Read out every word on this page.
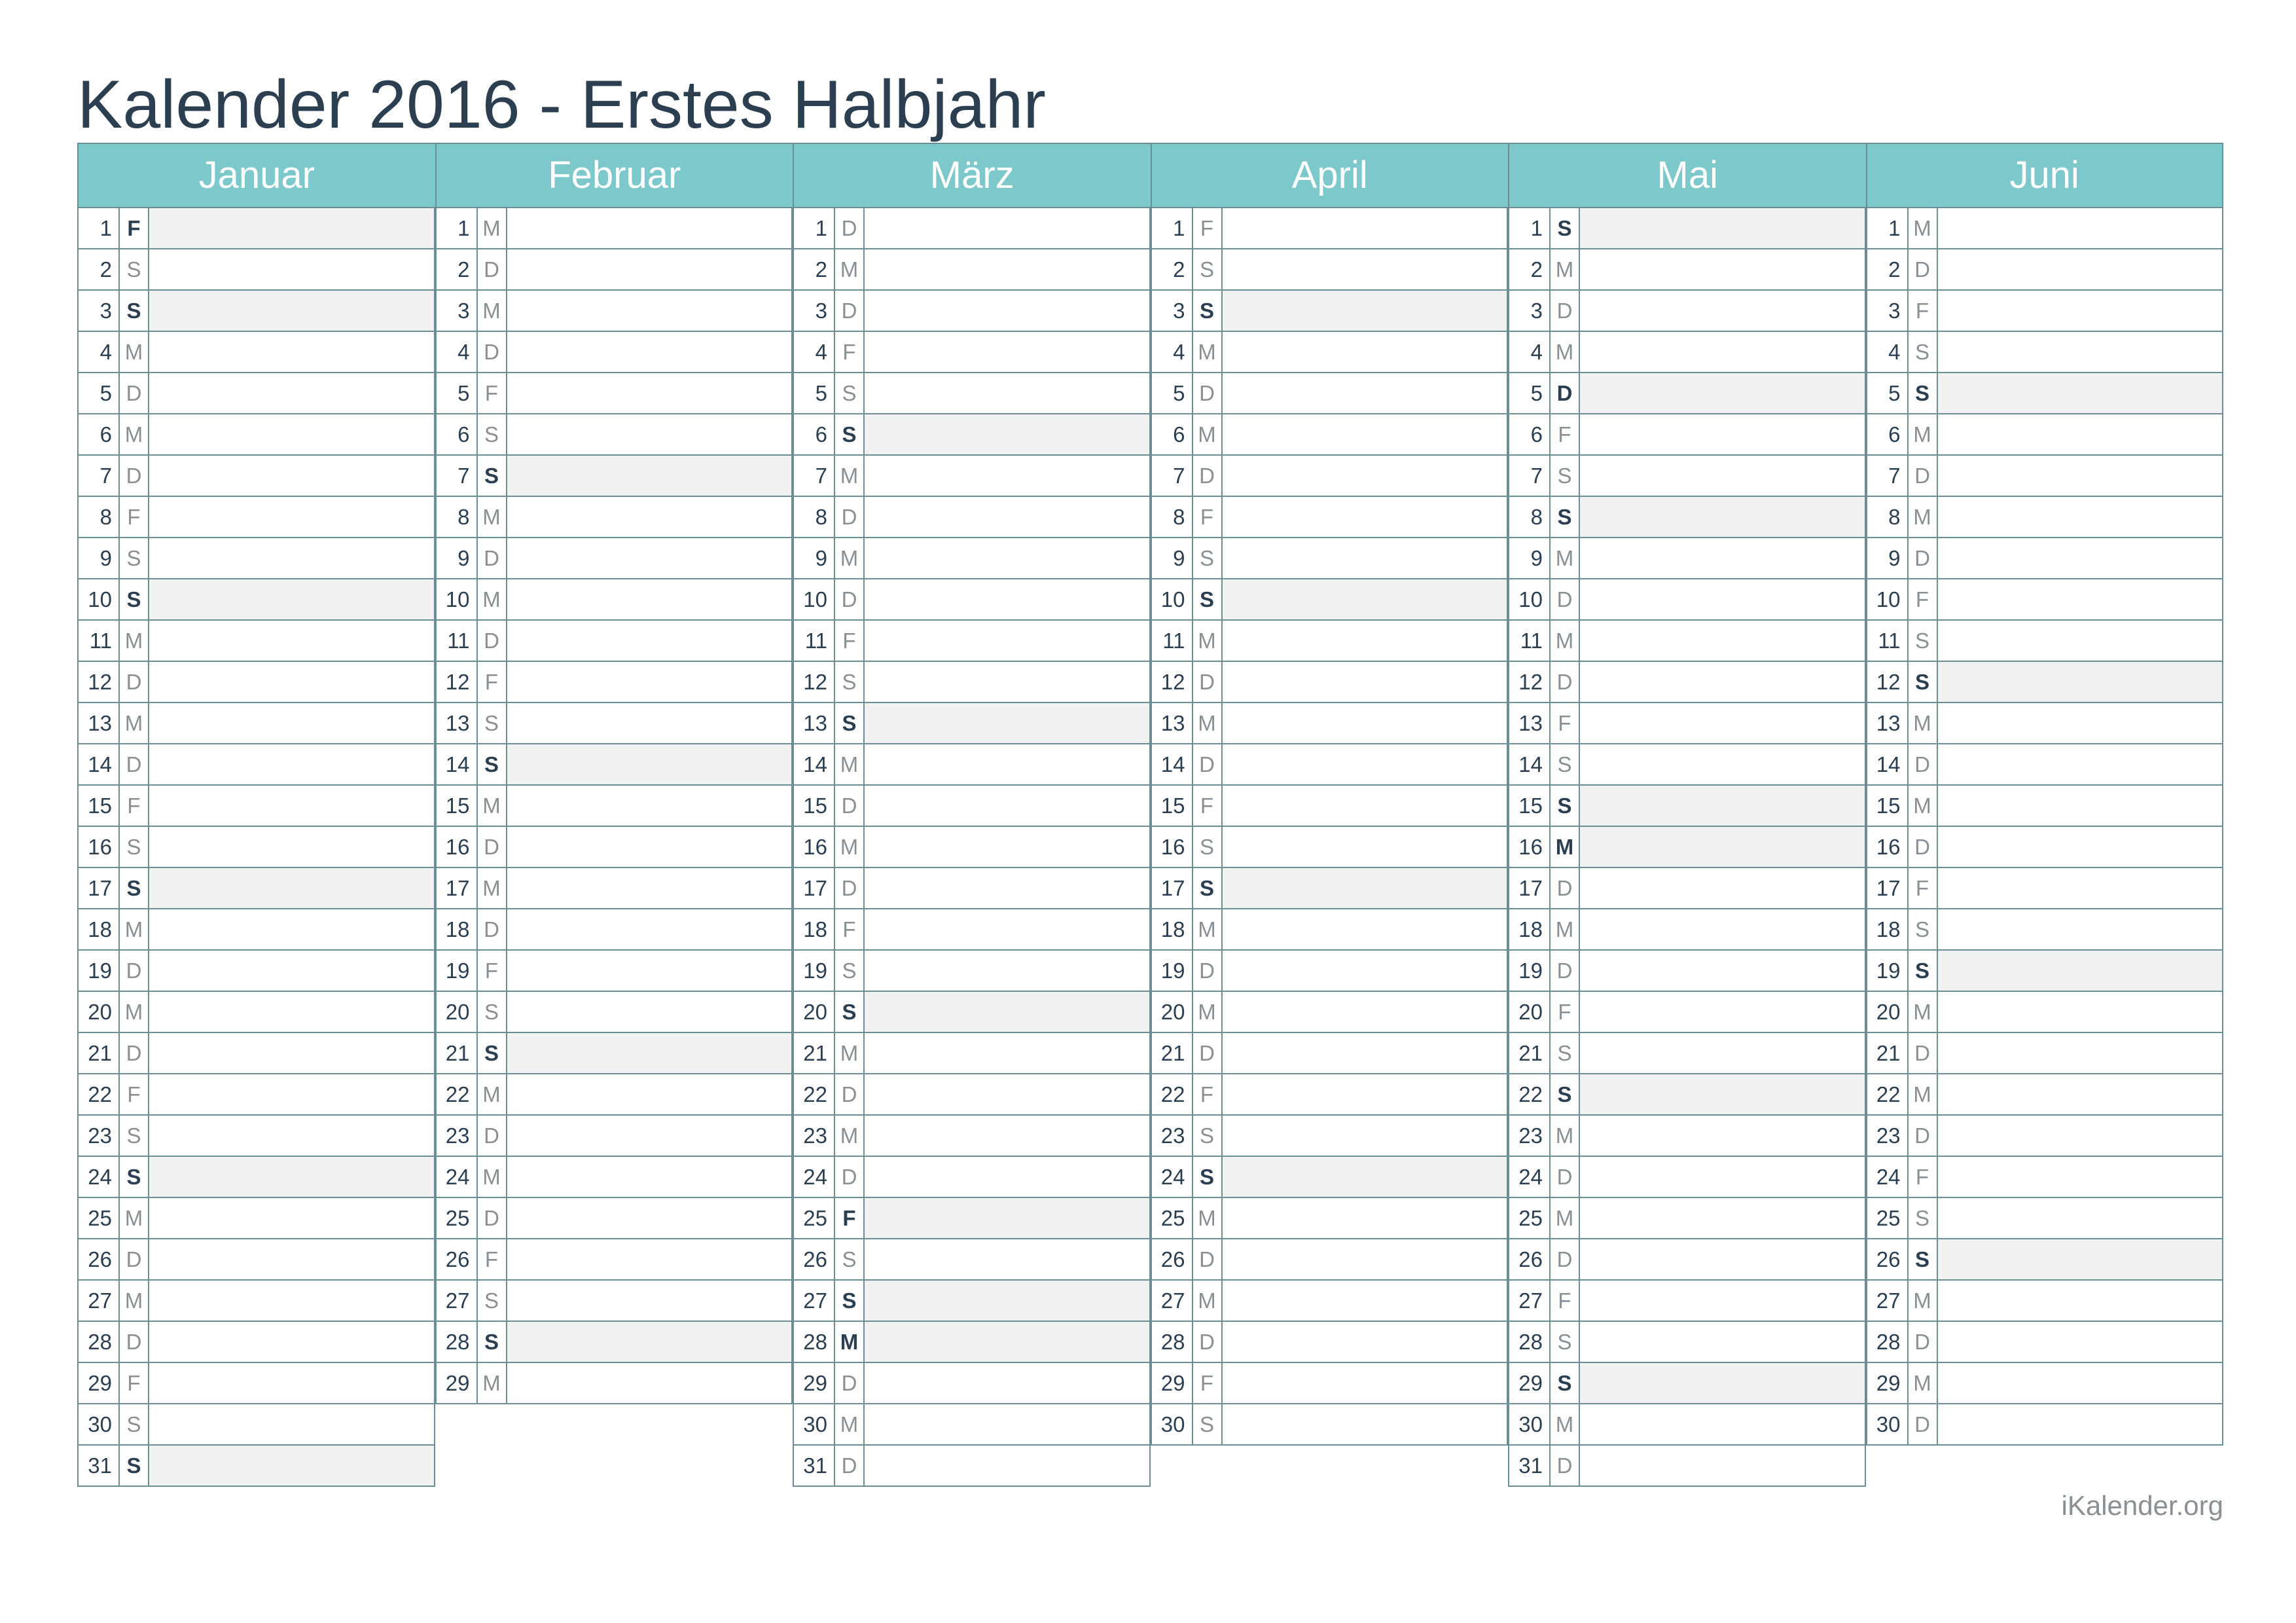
Kalender 2016 - Erstes Halbjahr
Januar
1 F
2 S
3 S
4 M
5 D
6 M
7 D
8 F
9 S
10 S
11 M
12 D
13 M
14 D
15 F
16 S
17 S
18 M
19 D
20 M
21 D
22 F
23 S
24 S
25 M
26 D
27 M
28 D
29 F
30 S
31 S
Februar
1 M
2 D
3 M
4 D
5 F
6 S
7 S
8 M
9 D
10 M
11 D
12 F
13 S
14 S
15 M
16 D
17 M
18 D
19 F
20 S
21 S
22 M
23 D
24 M
25 D
26 F
27 S
28 S
29 M
März
1 D
2 M
3 D
4 F
5 S
6 S
7 M
8 D
9 M
10 D
11 F
12 S
13 S
14 M
15 D
16 M
17 D
18 F
19 S
20 S
21 M
22 D
23 M
24 D
25 F
26 S
27 S
28 M
29 D
30 M
31 D
April
1 F
2 S
3 S
4 M
5 D
6 M
7 D
8 F
9 S
10 S
11 M
12 D
13 M
14 D
15 F
16 S
17 S
18 M
19 D
20 M
21 D
22 F
23 S
24 S
25 M
26 D
27 M
28 D
29 F
30 S
Mai
1 S
2 M
3 D
4 M
5 D
6 F
7 S
8 S
9 M
10 D
11 M
12 D
13 F
14 S
15 S
16 M
17 D
18 M
19 D
20 F
21 S
22 S
23 M
24 D
25 M
26 D
27 F
28 S
29 S
30 M
31 D
Juni
1 M
2 D
3 F
4 S
5 S
6 M
7 D
8 M
9 D
10 F
11 S
12 S
13 M
14 D
15 M
16 D
17 F
18 S
19 S
20 M
21 D
22 M
23 D
24 F
25 S
26 S
27 M
28 D
29 M
30 D
iKalender.org
